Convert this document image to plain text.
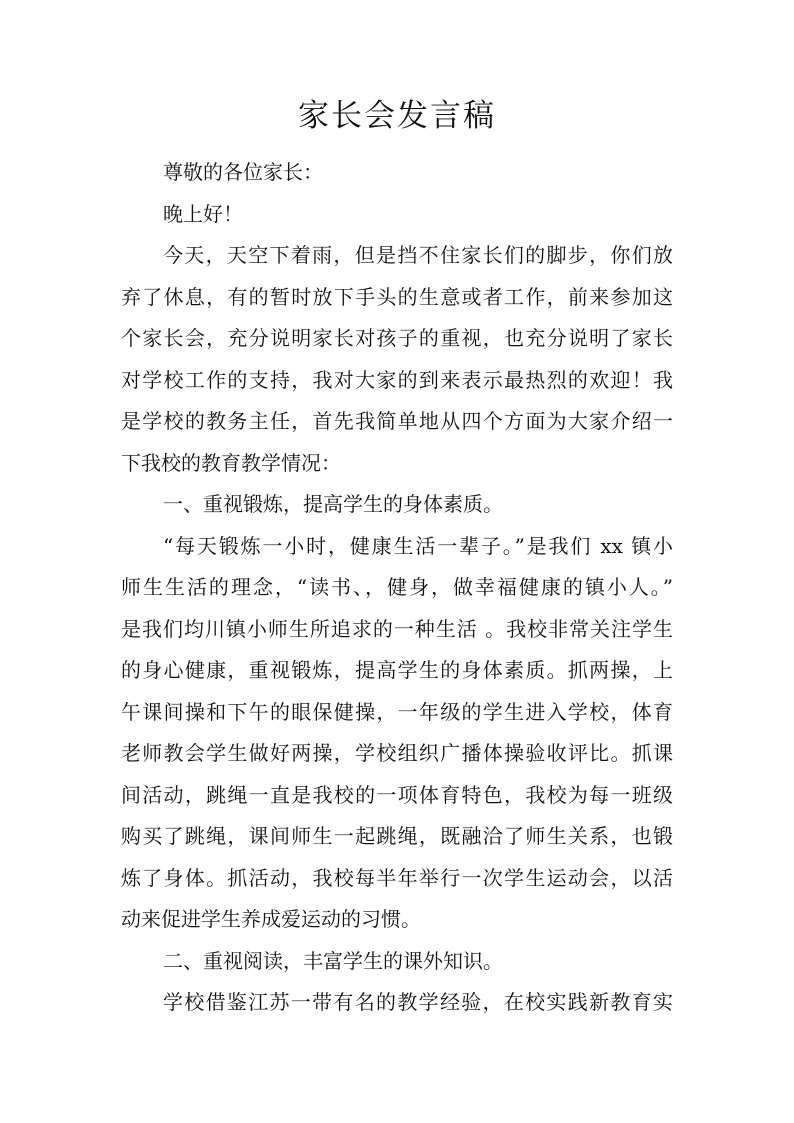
家长会发言稿
尊敬的各位家长：
晚上好！
今天，天空下着雨，但是挡不住家长们的脚步，你们放
弃了休息，有的暂时放下手头的生意或者工作，前来参加这
个家长会，充分说明家长对孩子的重视，也充分说明了家长
对学校工作的支持，我对大家的到来表示最热烈的欢迎！我
是学校的教务主任，首先我简单地从四个方面为大家介绍一
下我校的教育教学情况：
一、重视锻炼，提高学生的身体素质。
“每天锻炼一小时，健康生活一辈子。”是我们 xx 镇小
师生生活的理念，“读书、，健身，做幸福健康的镇小人。”
是我们均川镇小师生所追求的一种生活 。我校非常关注学生
的身心健康，重视锻炼，提高学生的身体素质。抓两操，上
午课间操和下午的眼保健操，一年级的学生进入学校，体育
老师教会学生做好两操，学校组织广播体操验收评比。抓课
间活动，跳绳一直是我校的一项体育特色，我校为每一班级
购买了跳绳，课间师生一起跳绳，既融洽了师生关系，也锻
炼了身体。抓活动，我校每半年举行一次学生运动会，以活
动来促进学生养成爱运动的习惯。
二、重视阅读，丰富学生的课外知识。
学校借鉴江苏一带有名的教学经验，在校实践新教育实
